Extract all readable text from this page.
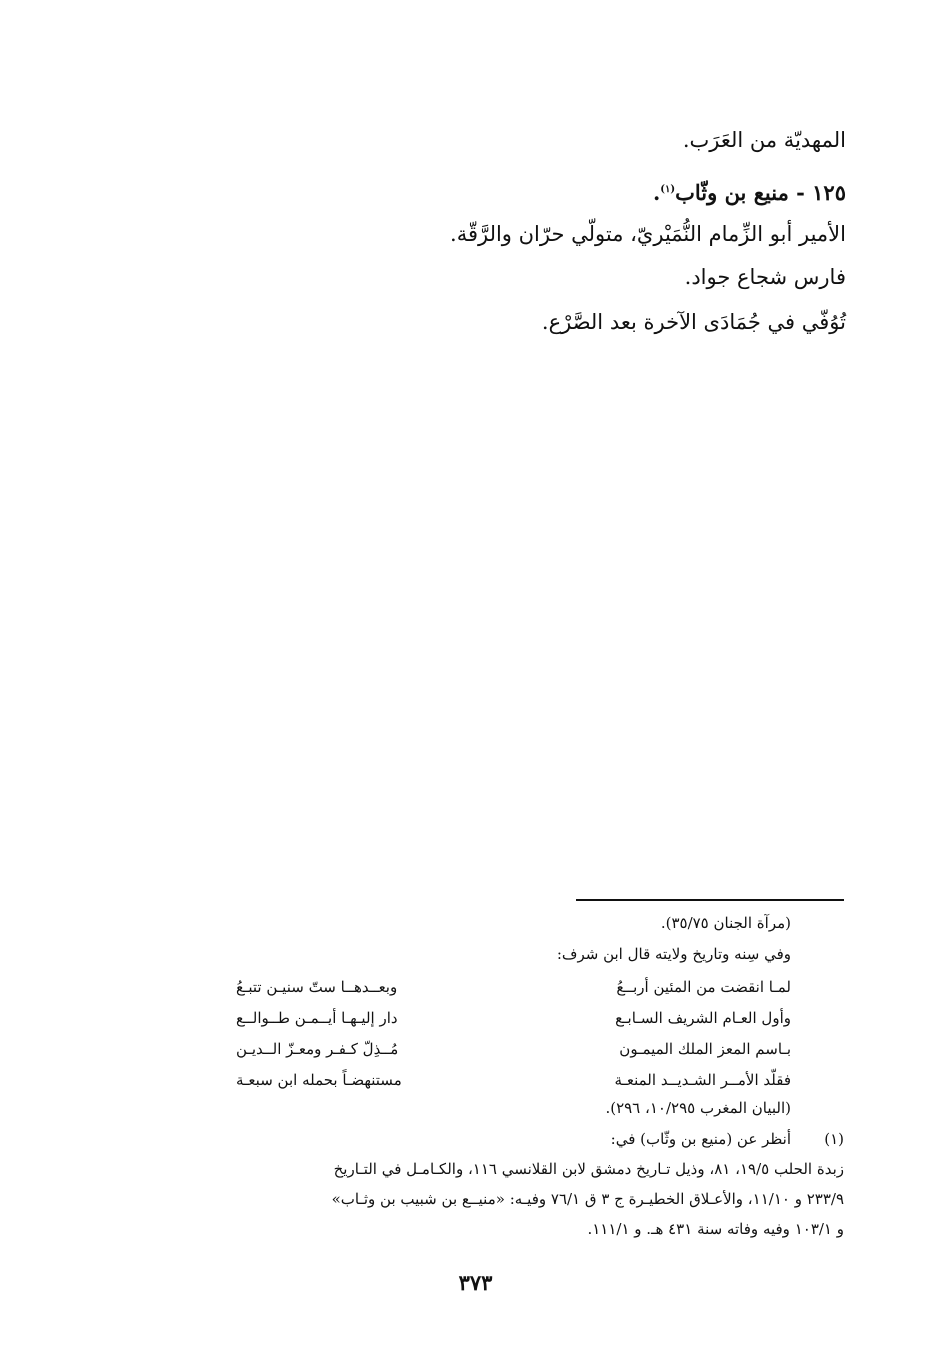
المهديّة من العَرَب.
١٢٥ - منيع بن وثّاب$^{(١)}$.
الأمير أبو الزِّمام النُّمَيْريّ، متولّي حرّان والرَّقّة.
فارس شجاع جواد.
تُوُفّي في جُمَادَى الآخرة بعد الصَّرْع.
(مرآة الجنان ٣٥/٧٥).
وفي سِنه وتاريخ ولايته قال ابن شرف:
لمـا انقضت من المئين أربــعُ
وبعــدهــا ستّ سنيـن تتبـعُ
وأول العـام الشريف السـابـع
دار إليـهـا أيــمـن طــوالــع
بـاسم المعز الملك الميمـون
مُــذِلّ كـفـر ومعـزّ الــديـن
فقلّد الأمــر الشـديــد المنعـة
مستنهضـاً بحمله ابن سبعـة
(البيان المغرب ١٠/٢٩٥، ٢٩٦).
(١)
أنظر عن (منيع بن وثّاب) في:
زبدة الحلب ١٩/٥، ٨١، وذيل تـاريخ دمشق لابن القلانسي ١١٦، والكـامـل في التـاريخ
٢٣٣/٩ و ١١/١٠، والأعـلاق الخطيـرة ج ٣ ق ٧٦/١ وفيـه: «منيــع بن شبيب بن وثـاب»
و ١٠٣/١ وفيه وفاته سنة ٤٣١ هـ. و ١١١/١.
٣٧٣
